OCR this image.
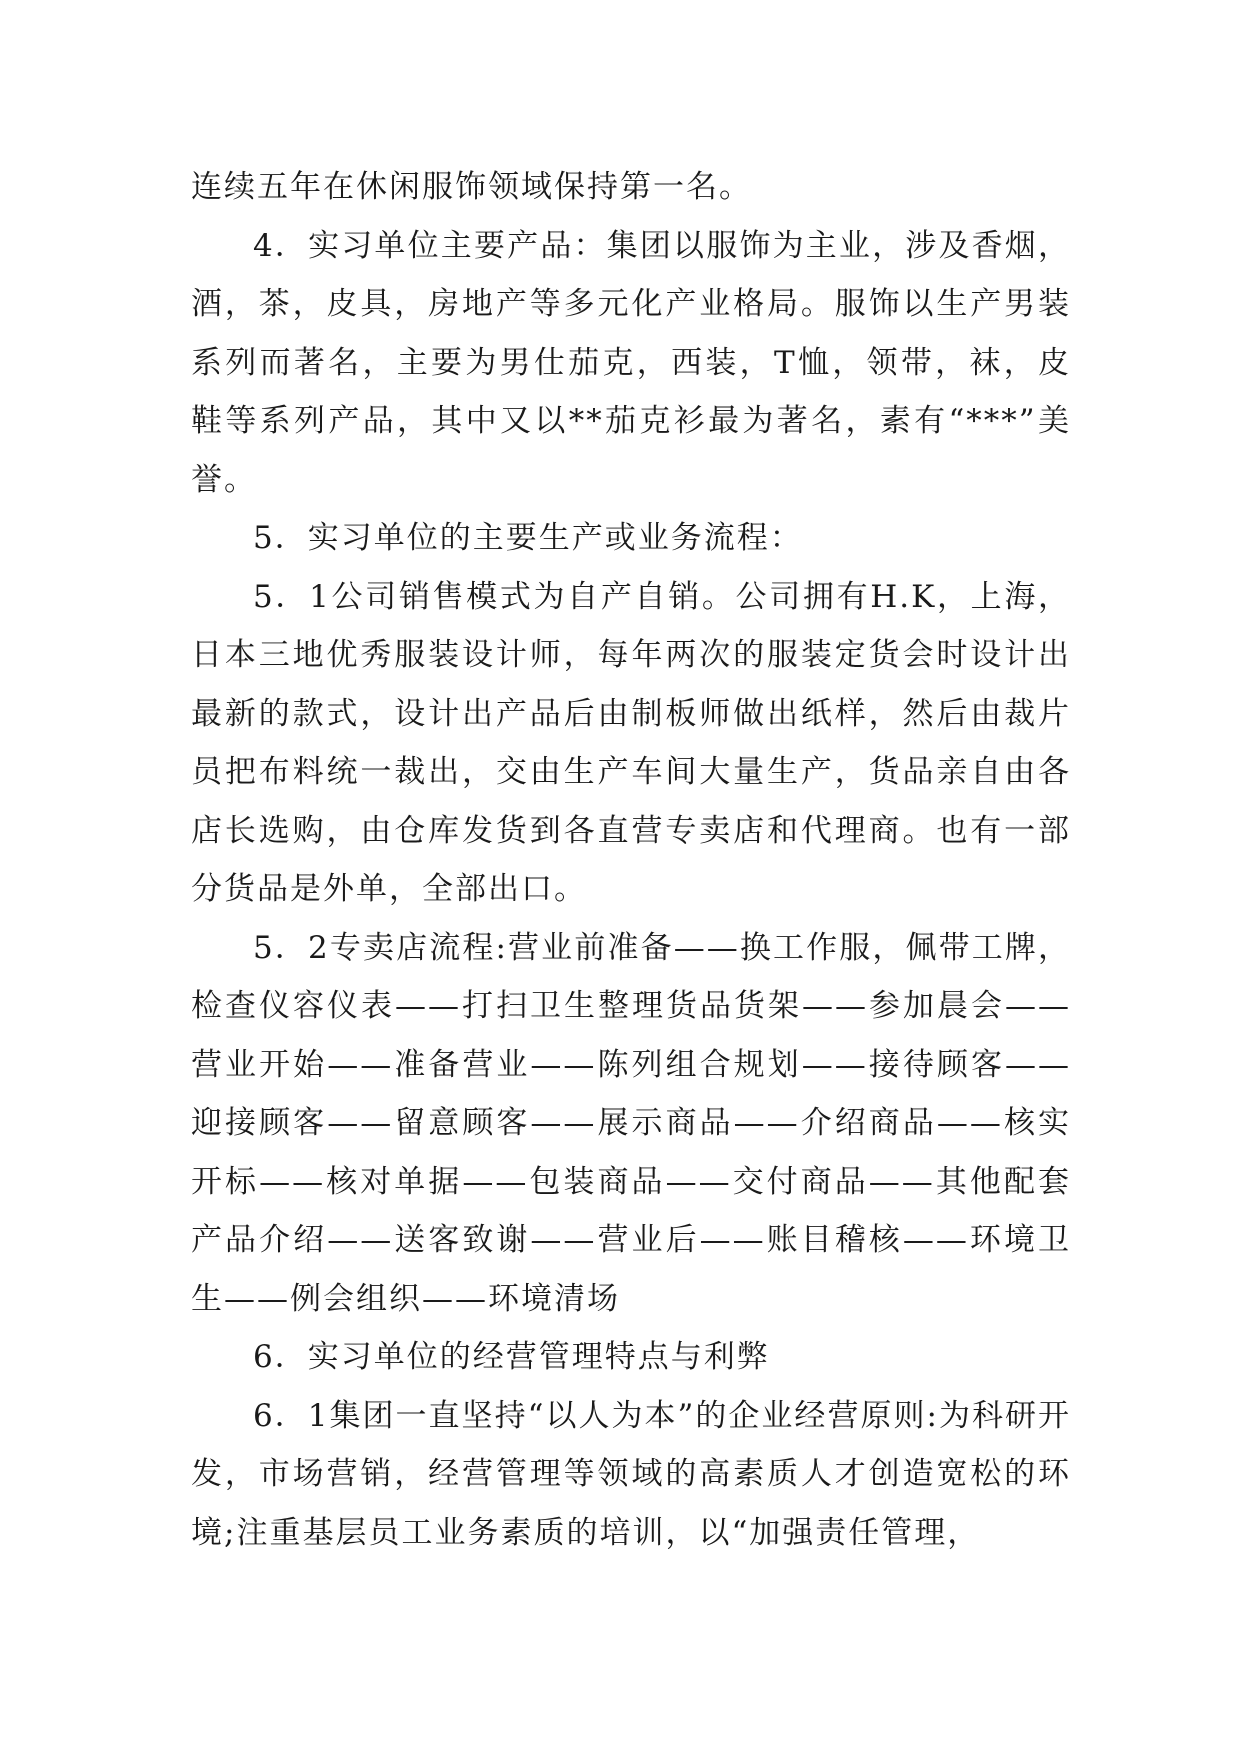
连续五年在休闲服饰领域保持第一名。

4．实习单位主要产品：集团以服饰为主业，涉及香烟，酒，茶，皮具，房地产等多元化产业格局。服饰以生产男装系列而著名，主要为男仕茄克，西装，T恤，领带，袜，皮鞋等系列产品，其中又以**茄克衫最为著名，素有“***”美誉。

5．实习单位的主要生产或业务流程：

5．1公司销售模式为自产自销。公司拥有H.K，上海，日本三地优秀服装设计师，每年两次的服装定货会时设计出最新的款式，设计出产品后由制板师做出纸样，然后由裁片员把布料统一裁出，交由生产车间大量生产，货品亲自由各店长选购，由仓库发货到各直营专卖店和代理商。也有一部分货品是外单，全部出口。

5．2专卖店流程:营业前准备——换工作服，佩带工牌，检查仪容仪表——打扫卫生整理货品货架——参加晨会——营业开始——准备营业——陈列组合规划——接待顾客——迎接顾客——留意顾客——展示商品——介绍商品——核实开标——核对单据——包装商品——交付商品——其他配套产品介绍——送客致谢——营业后——账目稽核——环境卫生——例会组织——环境清场

6．实习单位的经营管理特点与利弊

6．1集团一直坚持“以人为本”的企业经营原则:为科研开发，市场营销，经营管理等领域的高素质人才创造宽松的环境;注重基层员工业务素质的培训，以“加强责任管理，
